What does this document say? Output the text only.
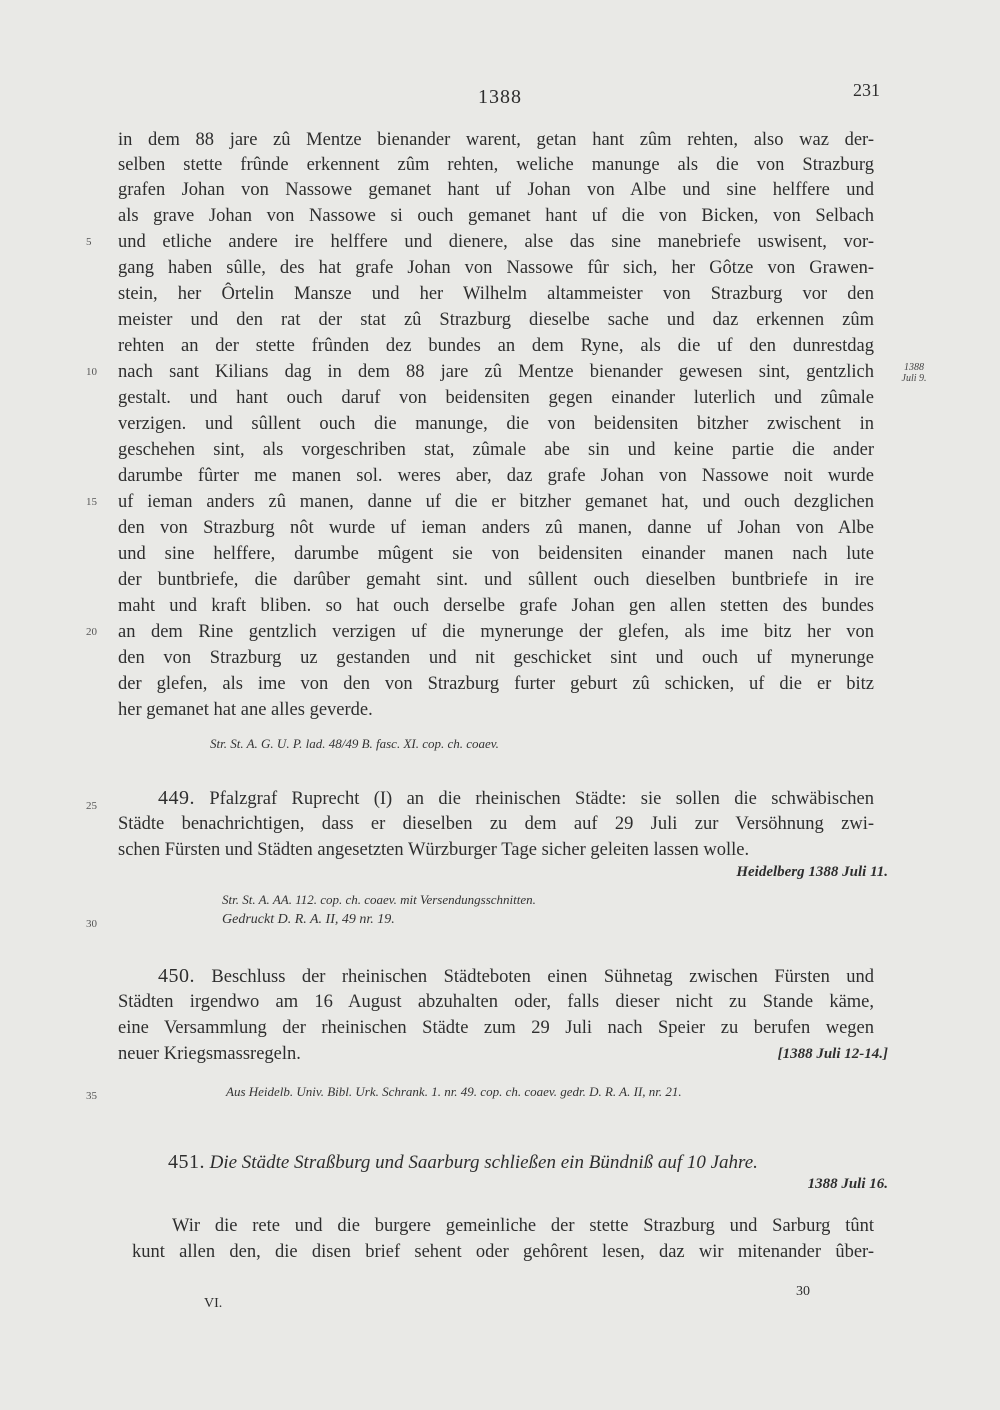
1388	231
in dem 88 jare zû Mentze bienander warent, getan hant zûm rehten, also waz der-
selben stette frûnde erkennent zûm rehten, weliche manunge als die von Strazburg
grafen Johan von Nassowe gemanet hant uf Johan von Albe und sine helffere und
als grave Johan von Nassowe si ouch gemanet hant uf die von Bicken, von Selbach
und etliche andere ire helffere und dienere, alse das sine manebriefe uswisent, vor-
gang haben sûlle, des hat grafe Johan von Nassowe fûr sich, her Gôtze von Grawen-
stein, her Ôrtelin Mansze und her Wilhelm altammeister von Strazburg vor den
meister und den rat der stat zû Strazburg dieselbe sache und daz erkennen zûm
rehten an der stette frûnden dez bundes an dem Ryne, als die uf den dunrestdag
nach sant Kilians dag in dem 88 jare zû Mentze bienander gewesen sint, gentzlich
gestalt. und hant ouch daruf von beidensiten gegen einander luterlich und zûmale
verzigen. und sûllent ouch die manunge, die von beidensiten bitzher zwischent in
geschehen sint, als vorgeschriben stat, zûmale abe sin und keine partie die ander
darumbe fûrter me manen sol. weres aber, daz grafe Johan von Nassowe noit wurde
uf ieman anders zû manen, danne uf die er bitzher gemanet hat, und ouch dezglichen
den von Strazburg nôt wurde uf ieman anders zû manen, danne uf Johan von Albe
und sine helffere, darumbe mûgent sie von beidensiten einander manen nach lute
der buntbriefe, die darûber gemaht sint. und sûllent ouch dieselben buntbriefe in ire
maht und kraft bliben. so hat ouch derselbe grafe Johan gen allen stetten des bundes
an dem Rine gentzlich verzigen uf die mynerunge der glefen, als ime bitz her von
den von Strazburg uz gestanden und nit geschicket sint und ouch uf mynerunge
der glefen, als ime von den von Strazburg furter geburt zû schicken, uf die er bitz
her gemanet hat ane alles geverde.
5
10
15
20
25
30
35
1388
Juli 9.
Str. St. A. G. U. P. lad. 48/49 B. fasc. XI. cop. ch. coaev.
449. Pfalzgraf Ruprecht (I) an die rheinischen Städte: sie sollen die schwäbischen
Städte benachrichtigen, dass er dieselben zu dem auf 29 Juli zur Versöhnung zwi-
schen Fürsten und Städten angesetzten Würzburger Tage sicher geleiten lassen wolle.
Heidelberg 1388 Juli 11.
Str. St. A. AA. 112. cop. ch. coaev. mit Versendungsschnitten.
Gedruckt D. R. A. II, 49 nr. 19.
450. Beschluss der rheinischen Städteboten einen Sühnetag zwischen Fürsten und
Städten irgendwo am 16 August abzuhalten oder, falls dieser nicht zu Stande käme,
eine Versammlung der rheinischen Städte zum 29 Juli nach Speier zu berufen wegen
neuer Kriegsmassregeln.	[1388 Juli 12-14.]
Aus Heidelb. Univ. Bibl. Urk. Schrank. 1. nr. 49. cop. ch. coaev. gedr. D. R. A. II, nr. 21.
451. Die Städte Straßburg und Saarburg schließen ein Bündniß auf 10 Jahre.
1388 Juli 16.
Wir die rete und die burgere gemeinliche der stette Strazburg und Sarburg tûnt
kunt allen den, die disen brief sehent oder gehôrent lesen, daz wir mitenander ûber-
VI.
30
